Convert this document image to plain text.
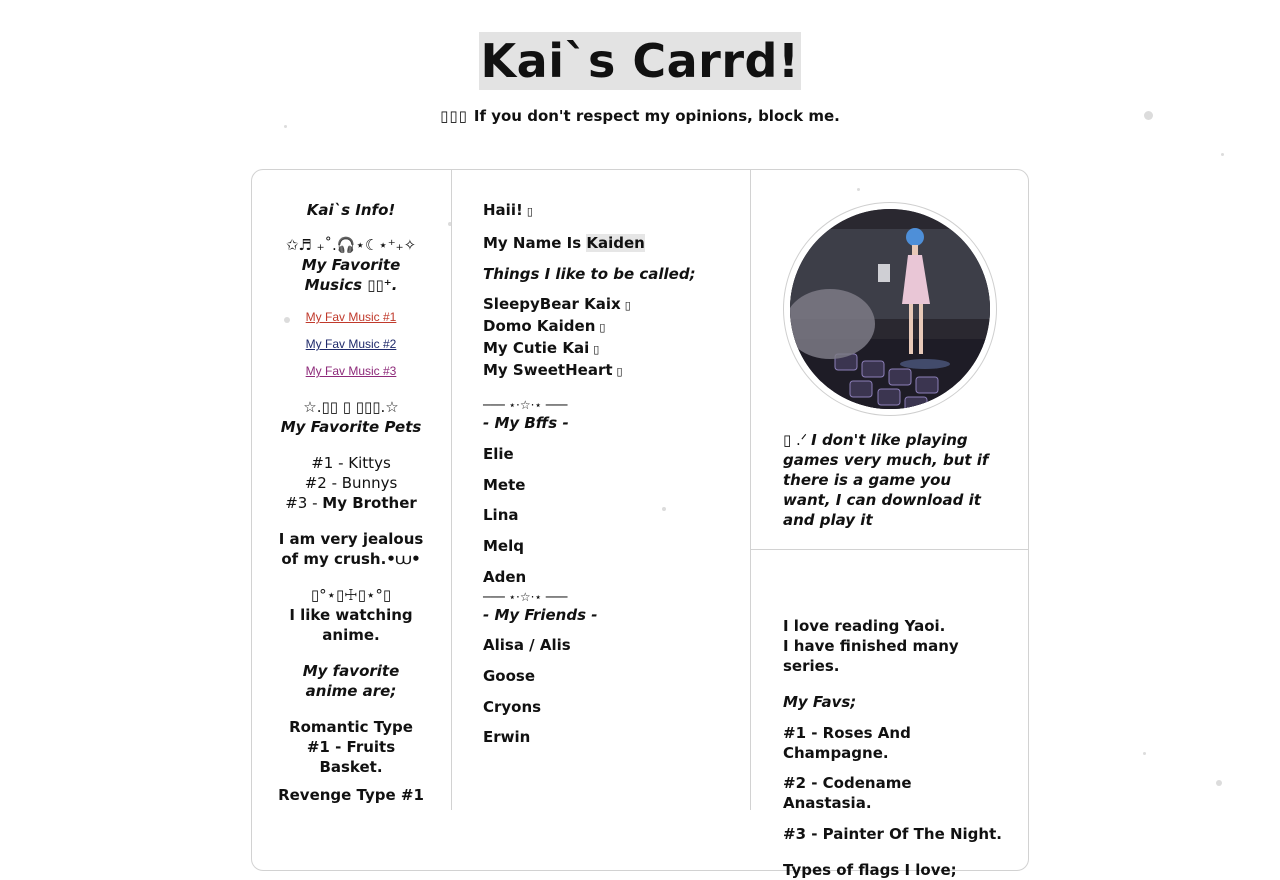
Kai`s Carrd!
▯▯▯ If you don't respect my opinions, block me.
Kai`s Info!
✩♬ ₊˚.🎧⋆☾⋆⁺₊✧
My Favorite Musics ▯▯⁺.
My Fav Music #1
My Fav Music #2
My Fav Music #3
☆.▯▯ ▯ ▯▯▯.☆
My Favorite Pets
#1 - Kittys
#2 - Bunnys
#3 - My Brother
I am very jealous of my crush.•⩊•
▯°⋆▯☩▯⋆°▯
I like watching anime.
My favorite anime are;
Romantic Type
#1 - Fruits Basket.
Revenge Type #1
Haii! ▯
My Name Is Kaiden
Things I like to be called;
SleepyBear Kaix ▯
Domo Kaiden ▯
My Cutie Kai ▯
My SweetHeart ▯
─── ⋆⋅☆⋅⋆ ───
- My Bffs -
Elie
Mete
Lina
Melq
Aden
─── ⋆⋅☆⋅⋆ ───
- My Friends -
Alisa / Alis
Goose
Cryons
Erwin
▯ .ᐟ I don't like playing games very much, but if there is a game you want, I can download it and play it
I love reading Yaoi.
I have finished many series.
My Favs;
#1 - Roses And Champagne.
#2 - Codename Anastasia.
#3 - Painter Of The Night.
Types of flags I love;
